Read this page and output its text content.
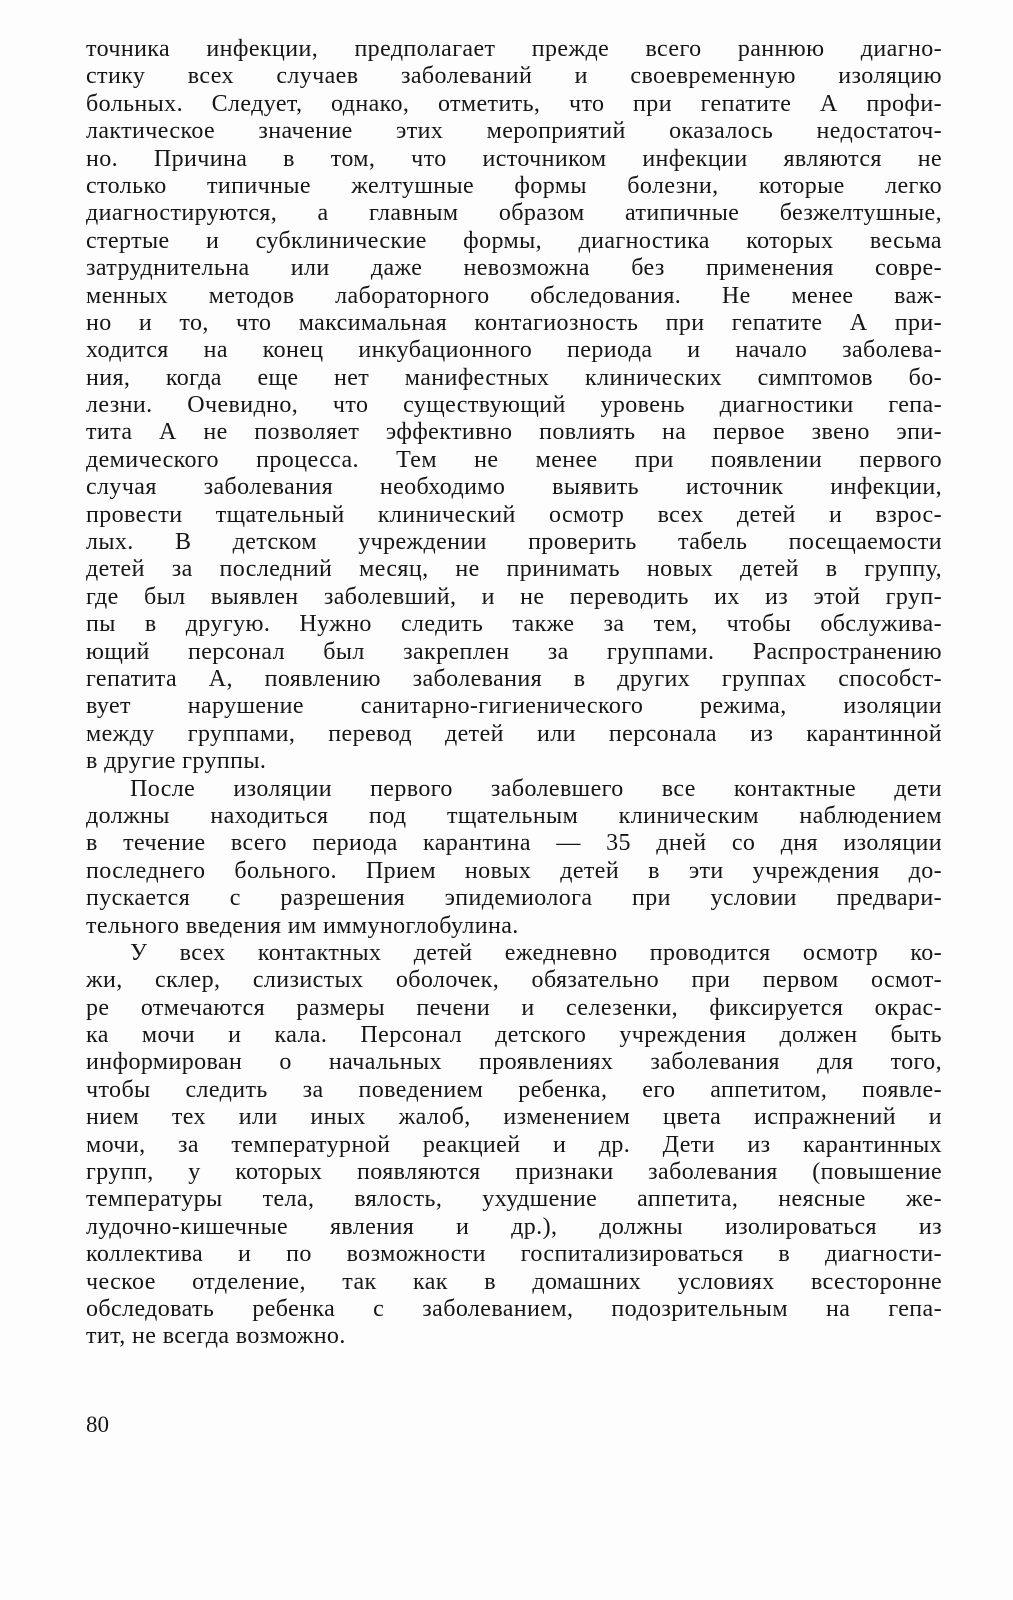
точника инфекции, предполагает прежде всего раннюю диагно-
стику всех случаев заболеваний и своевременную изоляцию
больных. Следует, однако, отметить, что при гепатите А профи-
лактическое значение этих мероприятий оказалось недостаточ-
но. Причина в том, что источником инфекции являются не
столько типичные желтушные формы болезни, которые легко
диагностируются, а главным образом атипичные безжелтушные,
стертые и субклинические формы, диагностика которых весьма
затруднительна или даже невозможна без применения совре-
менных методов лабораторного обследования. Не менее важ-
но и то, что максимальная контагиозность при гепатите А при-
ходится на конец инкубационного периода и начало заболева-
ния, когда еще нет манифестных клинических симптомов бо-
лезни. Очевидно, что существующий уровень диагностики гепа-
тита А не позволяет эффективно повлиять на первое звено эпи-
демического процесса. Тем не менее при появлении первого
случая заболевания необходимо выявить источник инфекции,
провести тщательный клинический осмотр всех детей и взрос-
лых. В детском учреждении проверить табель посещаемости
детей за последний месяц, не принимать новых детей в группу,
где был выявлен заболевший, и не переводить их из этой груп-
пы в другую. Нужно следить также за тем, чтобы обслужива-
ющий персонал был закреплен за группами. Распространению
гепатита А, появлению заболевания в других группах способст-
вует нарушение санитарно-гигиенического режима, изоляции
между группами, перевод детей или персонала из карантинной
в другие группы.
После изоляции первого заболевшего все контактные дети
должны находиться под тщательным клиническим наблюдением
в течение всего периода карантина — 35 дней со дня изоляции
последнего больного. Прием новых детей в эти учреждения до-
пускается с разрешения эпидемиолога при условии предвари-
тельного введения им иммуноглобулина.
У всех контактных детей ежедневно проводится осмотр ко-
жи, склер, слизистых оболочек, обязательно при первом осмот-
ре отмечаются размеры печени и селезенки, фиксируется окрас-
ка мочи и кала. Персонал детского учреждения должен быть
информирован о начальных проявлениях заболевания для того,
чтобы следить за поведением ребенка, его аппетитом, появле-
нием тех или иных жалоб, изменением цвета испражнений и
мочи, за температурной реакцией и др. Дети из карантинных
групп, у которых появляются признаки заболевания (повышение
температуры тела, вялость, ухудшение аппетита, неясные же-
лудочно-кишечные явления и др.), должны изолироваться из
коллектива и по возможности госпитализироваться в диагности-
ческое отделение, так как в домашних условиях всесторонне
обследовать ребенка с заболеванием, подозрительным на гепа-
тит, не всегда возможно.
80
